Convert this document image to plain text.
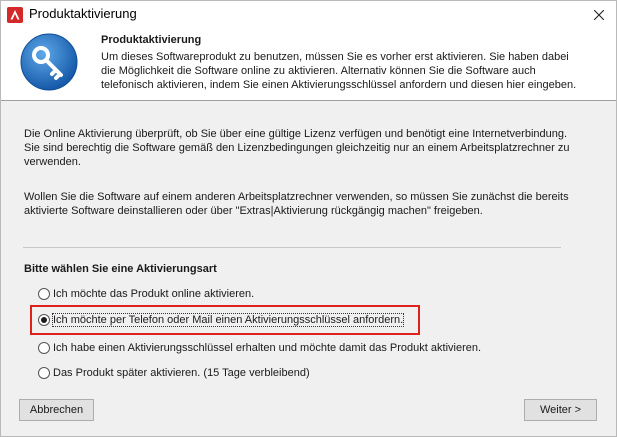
Produktaktivierung
Produktaktivierung
Um dieses Softwareprodukt zu benutzen, müssen Sie es vorher erst aktivieren. Sie haben dabei die Möglichkeit die Software online zu aktivieren. Alternativ können Sie die Software auch telefonisch aktivieren, indem Sie einen Aktivierungsschlüssel anfordern und diesen hier eingeben.
Die Online Aktivierung überprüft, ob Sie über eine gültige Lizenz verfügen und benötigt eine Internetverbindung. Sie sind berechtig die Software gemäß den Lizenzbedingungen gleichzeitig nur an einem Arbeitsplatzrechner zu verwenden.
Wollen Sie die Software auf einem anderen Arbeitsplatzrechner verwenden, so müssen Sie zunächst die bereits aktivierte Software deinstallieren oder über "Extras|Aktivierung rückgängig machen" freigeben.
Bitte wählen Sie eine Aktivierungsart
Ich möchte das Produkt online aktivieren.
Ich möchte per Telefon oder Mail einen Aktivierungsschlüssel anfordern.
Ich habe einen Aktivierungsschlüssel erhalten und möchte damit das Produkt aktivieren.
Das Produkt später aktivieren. (15 Tage verbleibend)
Abbrechen	Weiter >
